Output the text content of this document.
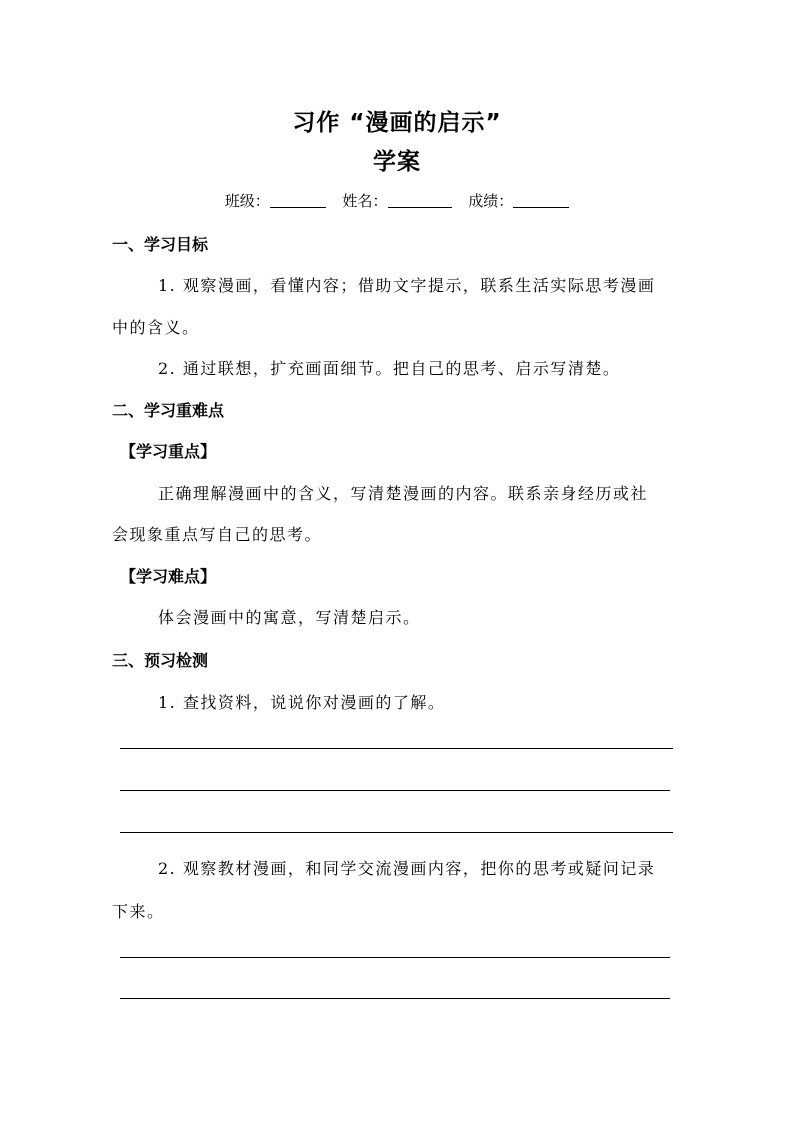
习作 “漫画的启示”
学案
班级：	姓名：	成绩：
一、学习目标
1. 观察漫画，看懂内容；借助文字提示，联系生活实际思考漫画
中的含义。
2. 通过联想，扩充画面细节。把自己的思考、启示写清楚。
二、学习重难点
【学习重点】
正确理解漫画中的含义，写清楚漫画的内容。联系亲身经历或社
会现象重点写自己的思考。
【学习难点】
体会漫画中的寓意，写清楚启示。
三、预习检测
1. 查找资料，说说你对漫画的了解。
2. 观察教材漫画，和同学交流漫画内容，把你的思考或疑问记录
下来。
